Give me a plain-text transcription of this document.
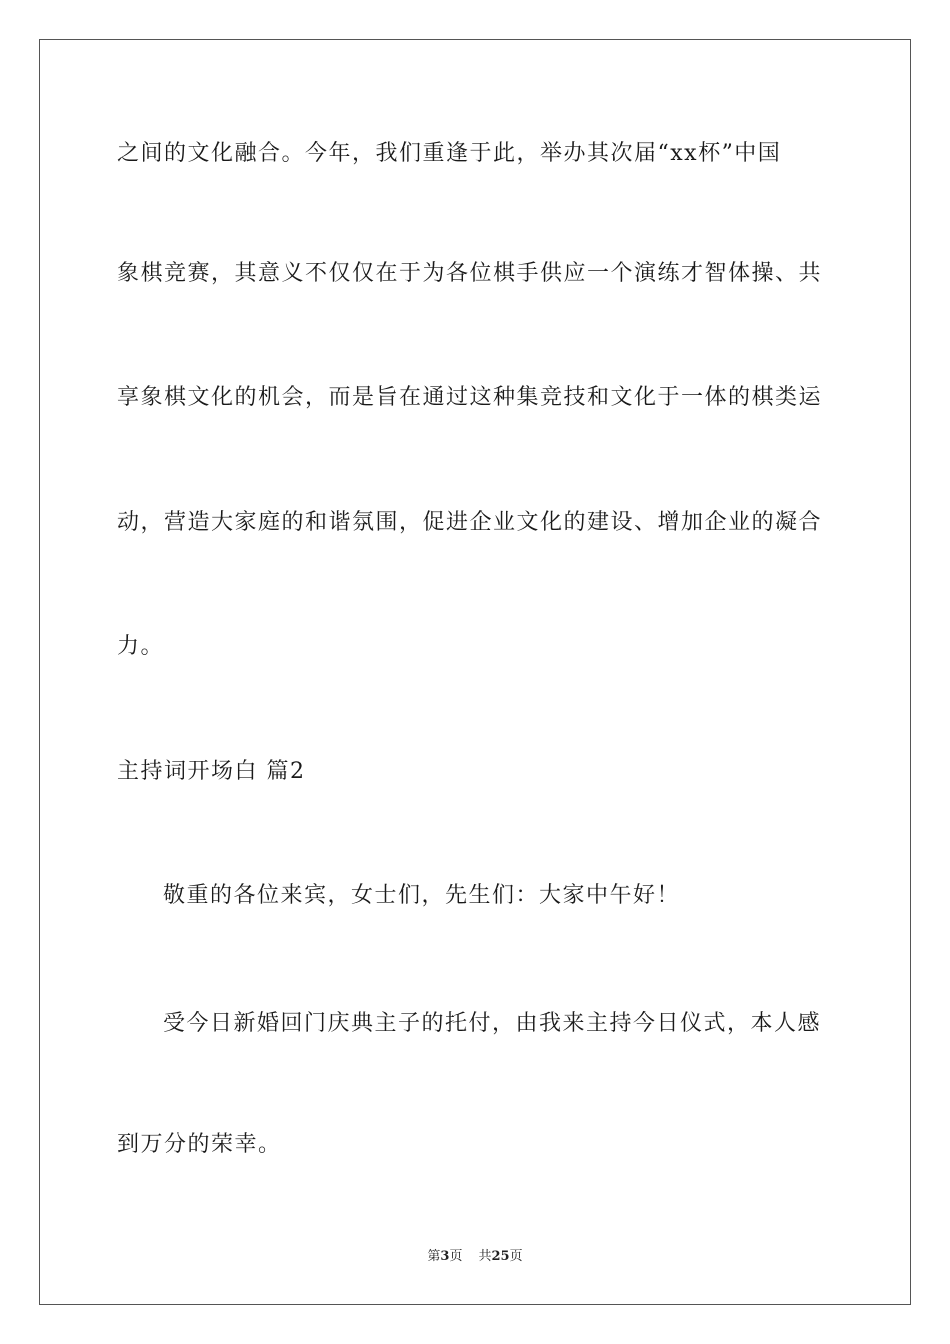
之间的文化融合。今年，我们重逢于此，举办其次届“xx杯”中国
象棋竞赛，其意义不仅仅在于为各位棋手供应一个演练才智体操、共
享象棋文化的机会，而是旨在通过这种集竞技和文化于一体的棋类运
动，营造大家庭的和谐氛围，促进企业文化的建设、增加企业的凝合
力。
主持词开场白 篇2
敬重的各位来宾，女士们，先生们：大家中午好！
受今日新婚回门庆典主子的托付，由我来主持今日仪式，本人感
到万分的荣幸。
第3页 共25页
